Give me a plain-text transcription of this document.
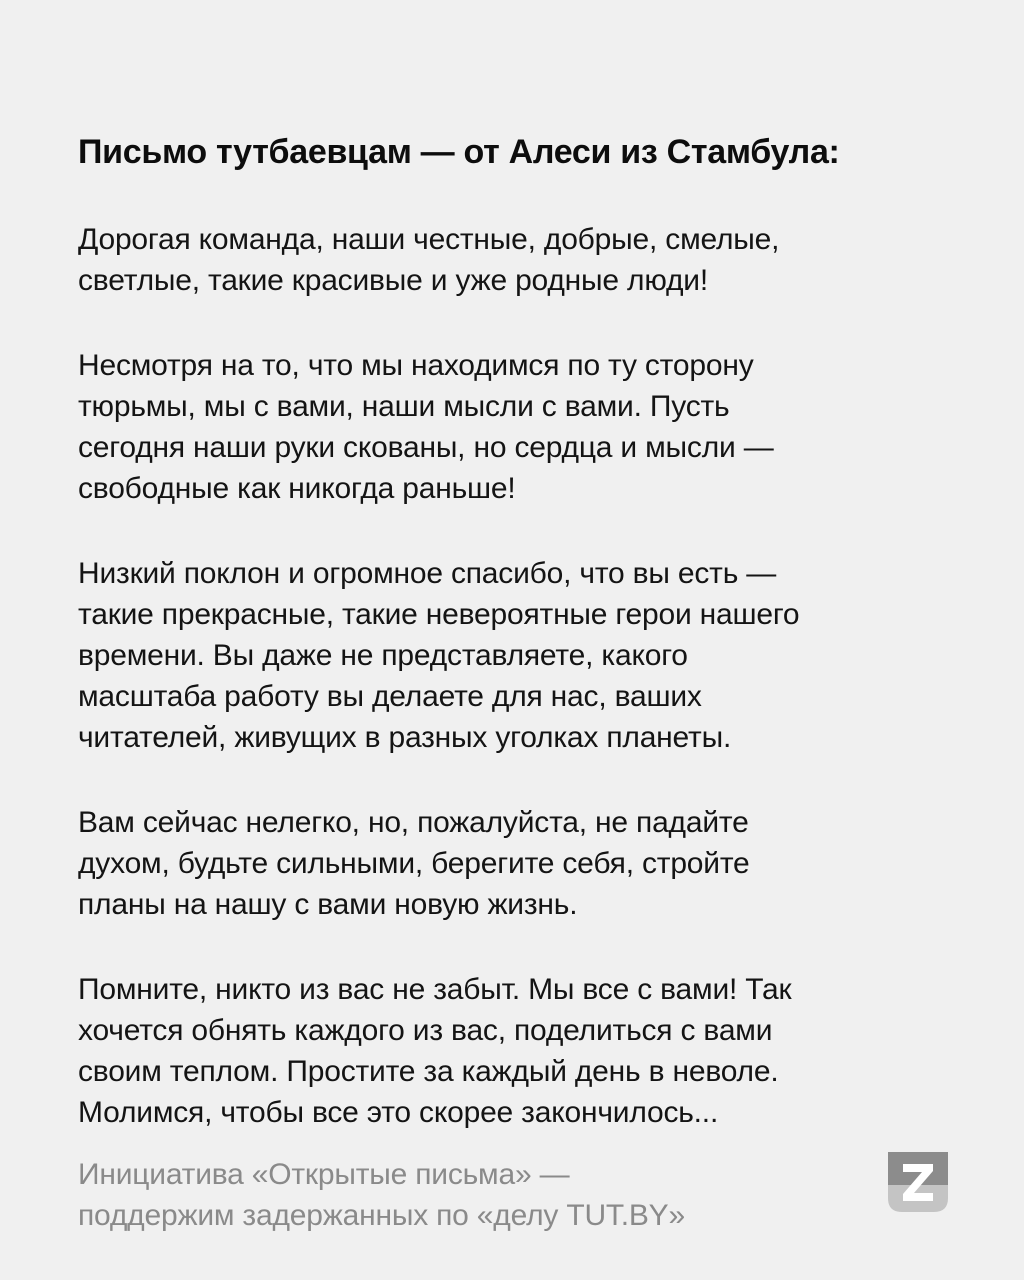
Письмо тутбаевцам — от Алеси из Стамбула:

Дорогая команда, наши честные, добрые, смелые,
светлые, такие красивые и уже родные люди!

Несмотря на то, что мы находимся по ту сторону
тюрьмы, мы с вами, наши мысли с вами. Пусть
сегодня наши руки скованы, но сердца и мысли —
свободные как никогда раньше!

Низкий поклон и огромное спасибо, что вы есть —
такие прекрасные, такие невероятные герои нашего
времени. Вы даже не представляете, какого
масштаба работу вы делаете для нас, ваших
читателей, живущих в разных уголках планеты.

Вам сейчас нелегко, но, пожалуйста, не падайте
духом, будьте сильными, берегите себя, стройте
планы на нашу с вами новую жизнь.

Помните, никто из вас не забыт. Мы все с вами! Так
хочется обнять каждого из вас, поделиться с вами
своим теплом. Простите за каждый день в неволе.
Молимся, чтобы все это скорее закончилось...

Инициатива «Открытые письма» —
поддержим задержанных по «делу TUT.BY»
